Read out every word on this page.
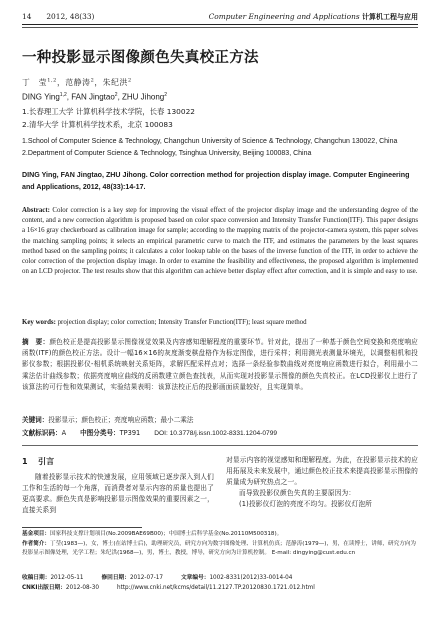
14 2012, 48(33)	Computer Engineering and Applications 计算机工程与应用
一种投影显示图像颜色失真校正方法
丁　莹$^{1,2}$，范静涛$^2$，朱纪洪$^2$
DING Ying$^{1,2}$, FAN Jingtao$^2$, ZHU Jihong$^2$
1.长春理工大学 计算机科学技术学院，长春 130022
2.清华大学 计算机科学技术系，北京 100083
1.School of Computer Science & Technology, Changchun University of Science & Technology, Changchun 130022, China
2.Department of Computer Science & Technology, Tsinghua University, Beijing 100083, China
DING Ying, FAN Jingtao, ZHU Jihong. Color correction method for projection display image. Computer Engineering and Applications, 2012, 48(33):14-17.
Abstract: Color correction is a key step for improving the visual effect of the projector display image and the understanding degree of the content, and a new correction algorithm is proposed based on color space conversion and Intensity Transfer Function(ITF). This paper designs a 16×16 gray checkerboard as calibration image for sample; according to the mapping matrix of the projector-camera system, this paper solves the matching sampling points; it selects an empirical parametric curve to match the ITF, and estimates the parameters by the least squares method based on the sampling points; it calculates a color lookup table on the bases of the inverse function of the ITF, in order to achieve the color correction of the projection display image. In order to examine the feasibility and effectiveness, the proposed algorithm is implemented on an LCD projector. The test results show that this algorithm can achieve better display effect after correction, and it is simple and easy to use.
Key words: projection display; color correction; Intensity Transfer Function(ITF); least square method
摘　要：颜色校正是提高投影显示图像视觉效果及内容感知理解程度的重要环节。针对此，提出了一种基于颜色空间变换和亮度响应函数(ITF)的颜色校正方法。设计一幅16×16的灰度渐变棋盘格作为标定图像，进行采样；利用测光表测量环境光，以调整相机和投影仪参数；根据投影仪-相机系统映射关系矩阵，求解匹配采样点对；选择一条经验参数曲线对亮度响应函数进行拟合，利用最小二乘法估计曲线参数；依据亮度响应曲线的反函数建立颜色查找表，从而实现对投影显示图像的颜色失真校正。在LCD投影仪上进行了该算法的可行性和效果测试，实验结果表明：该算法校正后的投影画面质量较好，且实现简单。
关键词：投影显示；颜色校正；亮度响应函数；最小二乘法
文献标识码：A 中图分类号：TP391 DOI: 10.3778/j.issn.1002-8331.1204-0799
1 引言

随着投影显示技术的快速发展，应用领域已逐步深入到人们工作和生活的每一个角落，而消费者对显示内容的质量也提出了更高要求。颜色失真是影响投影显示图像效果的重要因素之一，直接关系到

对显示内容的视觉感知和理解程度。为此，在投影显示技术的应用拓展及未来发展中，通过颜色校正技术来提高投影显示图像的质量成为研究热点之一。

而导致投影仪颜色失真的主要原因为：

(1)投影仪灯泡的亮度不均匀。投影仪灯泡所

基金项目：国家科技支撑计划项目(No.2009BAE69B00)；中国博士后科学基金(No.20110M500318)。
作者简介：丁莹(1983—)，女，博士(在站博士后)，助理研究员，研究方向为数字图像处理、计算机仿真；范静涛(1979—)，男，在读博士，讲师，研究方向为投影显示图像处理，光学工程；朱纪洪(1968—)，男，博士，教授，博导，研究方向为计算机控制。 E-mail: dingying@cust.edu.cn
收稿日期：2012-05-11	修回日期：2012-07-17	文章编号：1002-8331(2012)33-0014-04
CNKI出版日期：2012-08-30	http://www.cnki.net/kcms/detail/11.2127.TP.20120830.1721.012.html
